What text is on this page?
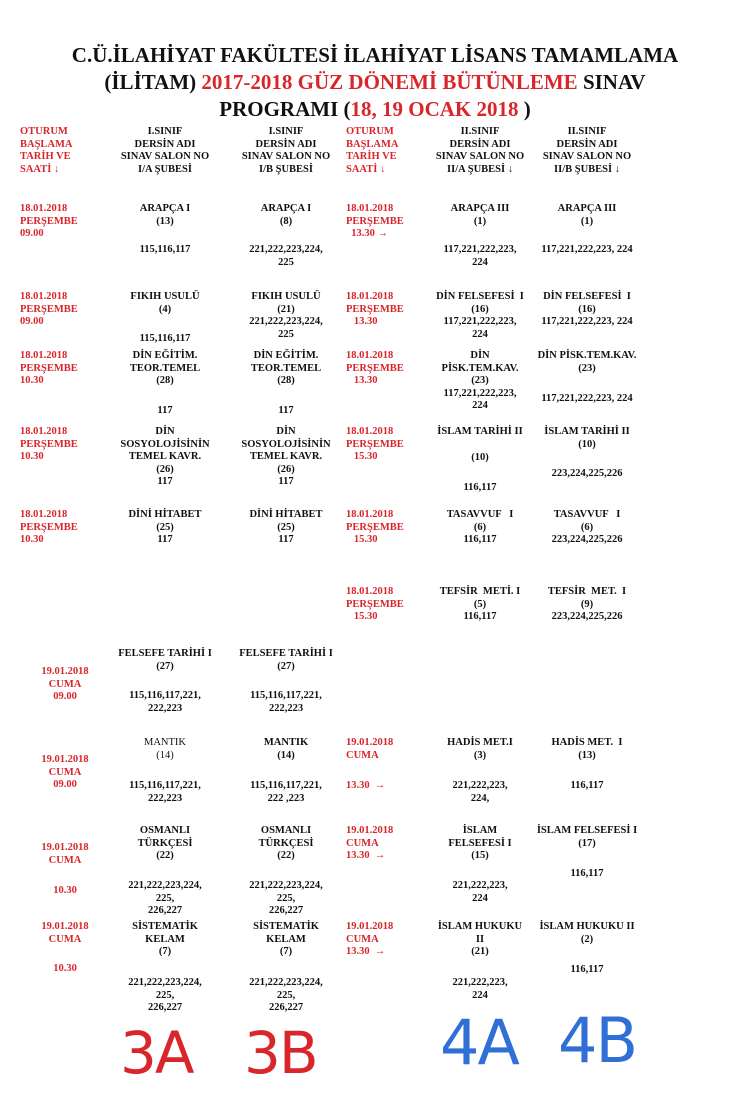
C.Ü.İLAHİYAT FAKÜLTESİ İLAHİYAT LİSANS TAMAMLAMA
(İLİTAM) 2017-2018 GÜZ DÖNEMİ BÜTÜNLEME SINAV
PROGRAMI (18, 19 OCAK 2018 )
OTURUM
BAŞLAMA
TARİH VE
SAATİ ↓
I.SINIF
DERSİN ADI
SINAV SALON NO
I/A ŞUBESİ
I.SINIF
DERSİN ADI
SINAV SALON NO
I/B ŞUBESİ
OTURUM
BAŞLAMA
TARİH VE
SAATİ ↓
II.SINIF
DERSİN ADI
SINAV SALON NO
II/A ŞUBESİ ↓
II.SINIF
DERSİN ADI
SINAV SALON NO
II/B ŞUBESİ ↓
18.01.2018
PERŞEMBE
09.00
ARAPÇA I
(13)
115,116,117
ARAPÇA I
(8)
221,222,223,224,
225
18.01.2018
PERŞEMBE
13.30 →
ARAPÇA III
(1)
117,221,222,223,
224
ARAPÇA III
(1)
117,221,222,223, 224
18.01.2018
PERŞEMBE
09.00
FIKIH USULÜ
(4)
115,116,117
FIKIH USULÜ
(21)
221,222,223,224,
225
18.01.2018
PERŞEMBE
13.30
DİN FELSEFESİ  I
(16)
117,221,222,223,
224
DİN FELSEFESİ  I
(16)
117,221,222,223, 224
18.01.2018
PERŞEMBE
10.30
DİN EĞİTİM.
TEOR.TEMEL
(28)
117
DİN EĞİTİM.
TEOR.TEMEL
(28)
117
18.01.2018
PERŞEMBE
13.30
DİN
PİSK.TEM.KAV.
(23)
117,221,222,223,
224
DİN PİSK.TEM.KAV.
(23)
117,221,222,223, 224
18.01.2018
PERŞEMBE
10.30
DİN
SOSYOLOJİSİNİN
TEMEL KAVR.
(26)
117
DİN
SOSYOLOJİSİNİN
TEMEL KAVR.
(26)
117
18.01.2018
PERŞEMBE
15.30
İSLAM TARİHİ II
(10)
116,117
İSLAM TARİHİ II
(10)
223,224,225,226
18.01.2018
PERŞEMBE
10.30
DİNİ HİTABET
(25)
117
DİNİ HİTABET
(25)
117
18.01.2018
PERŞEMBE
15.30
TASAVVUF   I
(6)
116,117
TASAVVUF   I
(6)
223,224,225,226
18.01.2018
PERŞEMBE
15.30
TEFSİR  METİ. I
(5)
116,117
TEFSİR  MET.  I
(9)
223,224,225,226
19.01.2018
CUMA
09.00
FELSEFE TARİHİ I
(27)
115,116,117,221,
222,223
FELSEFE TARİHİ I
(27)
115,116,117,221,
222,223
19.01.2018
CUMA
09.00
MANTIK
(14)
115,116,117,221,
222,223
MANTIK
(14)
115,116,117,221,
222 ,223
19.01.2018
CUMA
13.30  →
HADİS MET.I
(3)
221,222,223,
224,
HADİS MET.  I
(13)
116,117
19.01.2018
CUMA
10.30
OSMANLI
TÜRKÇESİ
(22)
221,222,223,224,
225,
226,227
OSMANLI
TÜRKÇESİ
(22)
221,222,223,224,
225,
226,227
19.01.2018
CUMA
13.30  →
İSLAM
FELSEFESİ I
(15)
221,222,223,
224
İSLAM FELSEFESİ I
(17)
116,117
19.01.2018
CUMA
10.30
SİSTEMATİK
KELAM
(7)
221,222,223,224,
225,
226,227
SİSTEMATİK
KELAM
(7)
221,222,223,224,
225,
226,227
19.01.2018
CUMA
13.30  →
İSLAM HUKUKU
II
(21)
221,222,223,
224
İSLAM HUKUKU II
(2)
116,117
3A 3B 4A 4B
